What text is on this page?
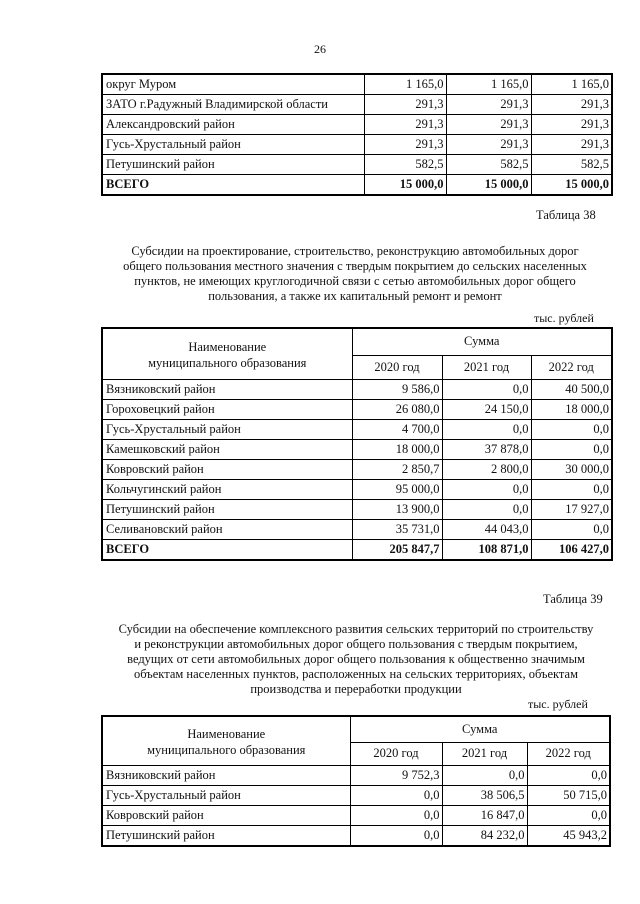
26
округ Муром	1 165,0	1 165,0	1 165,0
ЗАТО г.Радужный Владимирской области	291,3	291,3	291,3
Александровский район	291,3	291,3	291,3
Гусь-Хрустальный район	291,3	291,3	291,3
Петушинский район	582,5	582,5	582,5
ВСЕГО	15 000,0	15 000,0	15 000,0
Таблица 38
Субсидии на проектирование, строительство, реконструкцию автомобильных дорог
общего пользования местного значения с твердым покрытием до сельских населенных
пунктов, не имеющих круглогодичной связи с сетью автомобильных дорог общего
пользования, а также их капитальный ремонт и ремонт
тыс. рублей
Наименование
муниципального образования	Сумма		
	2020 год	2021 год	2022 год
Вязниковский район	9 586,0	0,0	40 500,0
Гороховецкий район	26 080,0	24 150,0	18 000,0
Гусь-Хрустальный район	4 700,0	0,0	0,0
Камешковский район	18 000,0	37 878,0	0,0
Ковровский район	2 850,7	2 800,0	30 000,0
Кольчугинский район	95 000,0	0,0	0,0
Петушинский район	13 900,0	0,0	17 927,0
Селивановский район	35 731,0	44 043,0	0,0
ВСЕГО	205 847,7	108 871,0	106 427,0
Таблица 39
Субсидии на обеспечение комплексного развития сельских территорий по строительству
и реконструкции автомобильных дорог общего пользования с твердым покрытием,
ведущих от сети автомобильных дорог общего пользования к общественно значимым
объектам населенных пунктов, расположенных на сельских территориях, объектам
производства и переработки продукции
тыс. рублей
Наименование
муниципального образования	Сумма		
	2020 год	2021 год	2022 год
Вязниковский район	9 752,3	0,0	0,0
Гусь-Хрустальный район	0,0	38 506,5	50 715,0
Ковровский район	0,0	16 847,0	0,0
Петушинский район	0,0	84 232,0	45 943,2
